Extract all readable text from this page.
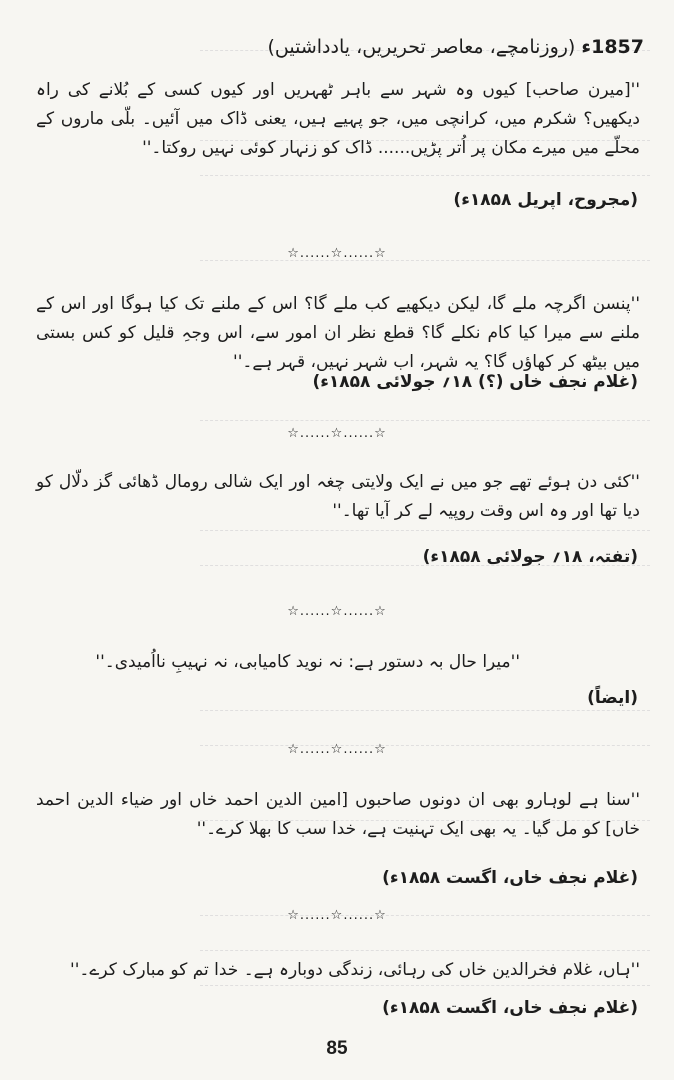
1857ء (روزنامچے، معاصر تحریریں، یادداشتیں)

''[میرن صاحب] کیوں وہ شہر سے باہر ٹھہریں اور کیوں کسی کے بُلانے کی راہ دیکھیں؟ شکرم میں، کرانچی میں، جو پہیے ہیں، یعنی ڈاک میں آئیں۔ بلّی ماروں کے محلّے میں میرے مکان پر اُتر پڑیں...... ڈاک کو زنہار کوئی نہیں روکتا۔''

(مجروح، اپریل ۱۸۵۸ء)
☆......☆......☆

''پنسن اگرچہ ملے گا، لیکن دیکھیے کب ملے گا؟ اس کے ملنے تک کیا ہوگا اور اس کے ملنے سے میرا کیا کام نکلے گا؟ قطع نظر ان امور سے، اس وجہِ قلیل کو کس بستی میں بیٹھ کر کھاؤں گا؟ یہ شہر، اب شہر نہیں، قہر ہے۔''

(غلام نجف خاں (؟) ۱۸؍ جولائی ۱۸۵۸ء)
☆......☆......☆

''کئی دن ہوئے تھے جو میں نے ایک ولایتی چغہ اور ایک شالی رومال ڈھائی گز دلّال کو دیا تھا اور وہ اس وقت روپیہ لے کر آیا تھا۔''

(تفتہ، ۱۸؍ جولائی ۱۸۵۸ء)
☆......☆......☆

''میرا حال بہ دستور ہے: نہ نوید کامیابی، نہ نہیبِ نااُمیدی۔''

(ایضاً)
☆......☆......☆

''سنا ہے لوہارو بھی ان دونوں صاحبوں [امین الدین احمد خاں اور ضیاء الدین احمد خاں] کو مل گیا۔ یہ بھی ایک تہنیت ہے، خدا سب کا بھلا کرے۔''

(غلام نجف خاں، اگست ۱۸۵۸ء)
☆......☆......☆

''ہاں، غلام فخرالدین خاں کی رہائی، زندگی دوبارہ ہے۔ خدا تم کو مبارک کرے۔''

(غلام نجف خاں، اگست ۱۸۵۸ء)
85
